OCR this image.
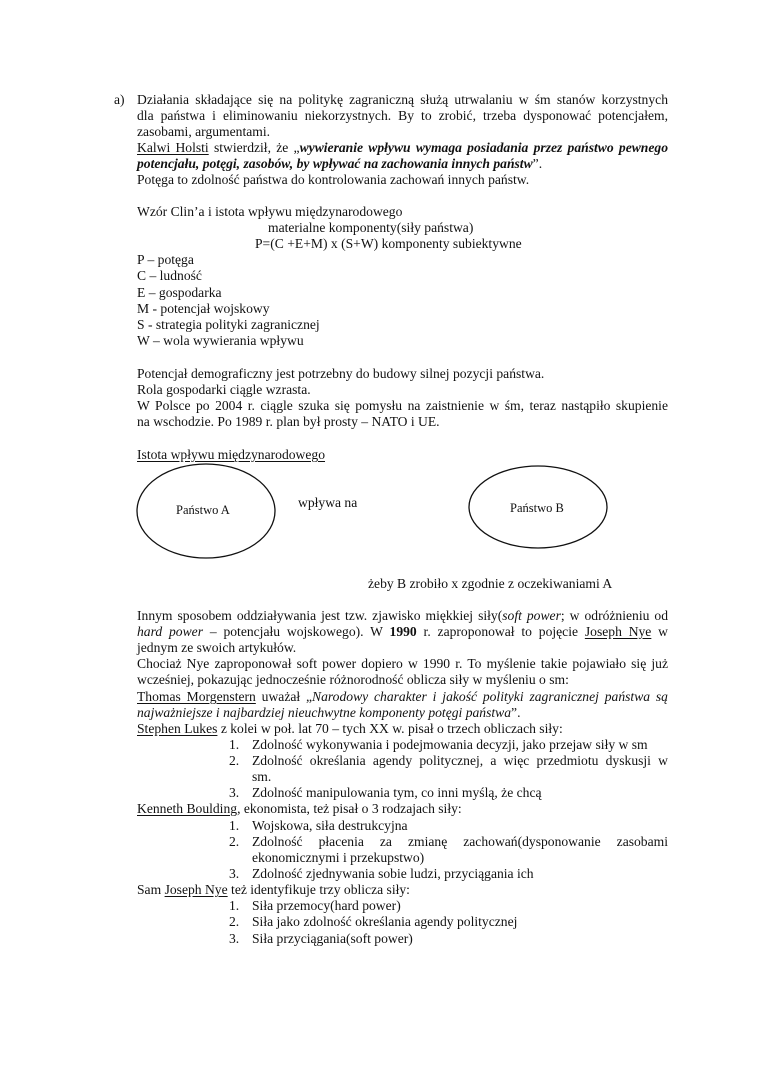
a) Działania składające się na politykę zagraniczną służą utrwalaniu w śm stanów korzystnych
dla państwa i eliminowaniu niekorzystnych. By to zrobić, trzeba dysponować potencjałem,
zasobami, argumentami.
Kalwi Holsti stwierdził, że „wywieranie wpływu wymaga posiadania przez państwo pewnego
potencjału, potęgi, zasobów, by wpływać na zachowania innych państw”.
Potęga to zdolność państwa do kontrolowania zachowań innych państw.
Wzór Clin’a i istota wpływu międzynarodowego
materialne komponenty(siły państwa)
P=(C +E+M) x (S+W) komponenty subiektywne
P – potęga
C – ludność
E – gospodarka
M - potencjał wojskowy
S - strategia polityki zagranicznej
W – wola wywierania wpływu
Potencjał demograficzny jest potrzebny do budowy silnej pozycji państwa.
Rola gospodarki ciągle wzrasta.
W Polsce po 2004 r. ciągle szuka się pomysłu na zaistnienie w śm, teraz nastąpiło skupienie
na wschodzie. Po 1989 r. plan był prosty – NATO i UE.
Istota wpływu międzynarodowego
Państwo A	Państwo B
wpływa na
żeby B zrobiło x zgodnie z oczekiwaniami A
Innym sposobem oddziaływania jest tzw. zjawisko miękkiej siły(soft power; w odróżnieniu od
hard power – potencjału wojskowego). W 1990 r. zaproponował to pojęcie Joseph Nye w
jednym ze swoich artykułów.
Chociaż Nye zaproponował soft power dopiero w 1990 r. To myślenie takie pojawiało się już
wcześniej, pokazując jednocześnie różnorodność oblicza siły w myśleniu o sm:
Thomas Morgenstern uważał „Narodowy charakter i jakość polityki zagranicznej państwa są
najważniejsze i najbardziej nieuchwytne komponenty potęgi państwa”.
Stephen Lukes z kolei w poł. lat 70 – tych XX w. pisał o trzech obliczach siły:
1. Zdolność wykonywania i podejmowania decyzji, jako przejaw siły w sm
2. Zdolność określania agendy politycznej, a więc przedmiotu dyskusji w
sm.
3. Zdolność manipulowania tym, co inni myślą, że chcą
Kenneth Boulding, ekonomista, też pisał o 3 rodzajach siły:
1. Wojskowa, siła destrukcyjna
2. Zdolność płacenia za zmianę zachowań(dysponowanie zasobami
ekonomicznymi i przekupstwo)
3. Zdolność zjednywania sobie ludzi, przyciągania ich
Sam Joseph Nye też identyfikuje trzy oblicza siły:
1. Siła przemocy(hard power)
2. Siła jako zdolność określania agendy politycznej
3. Siła przyciągania(soft power)
